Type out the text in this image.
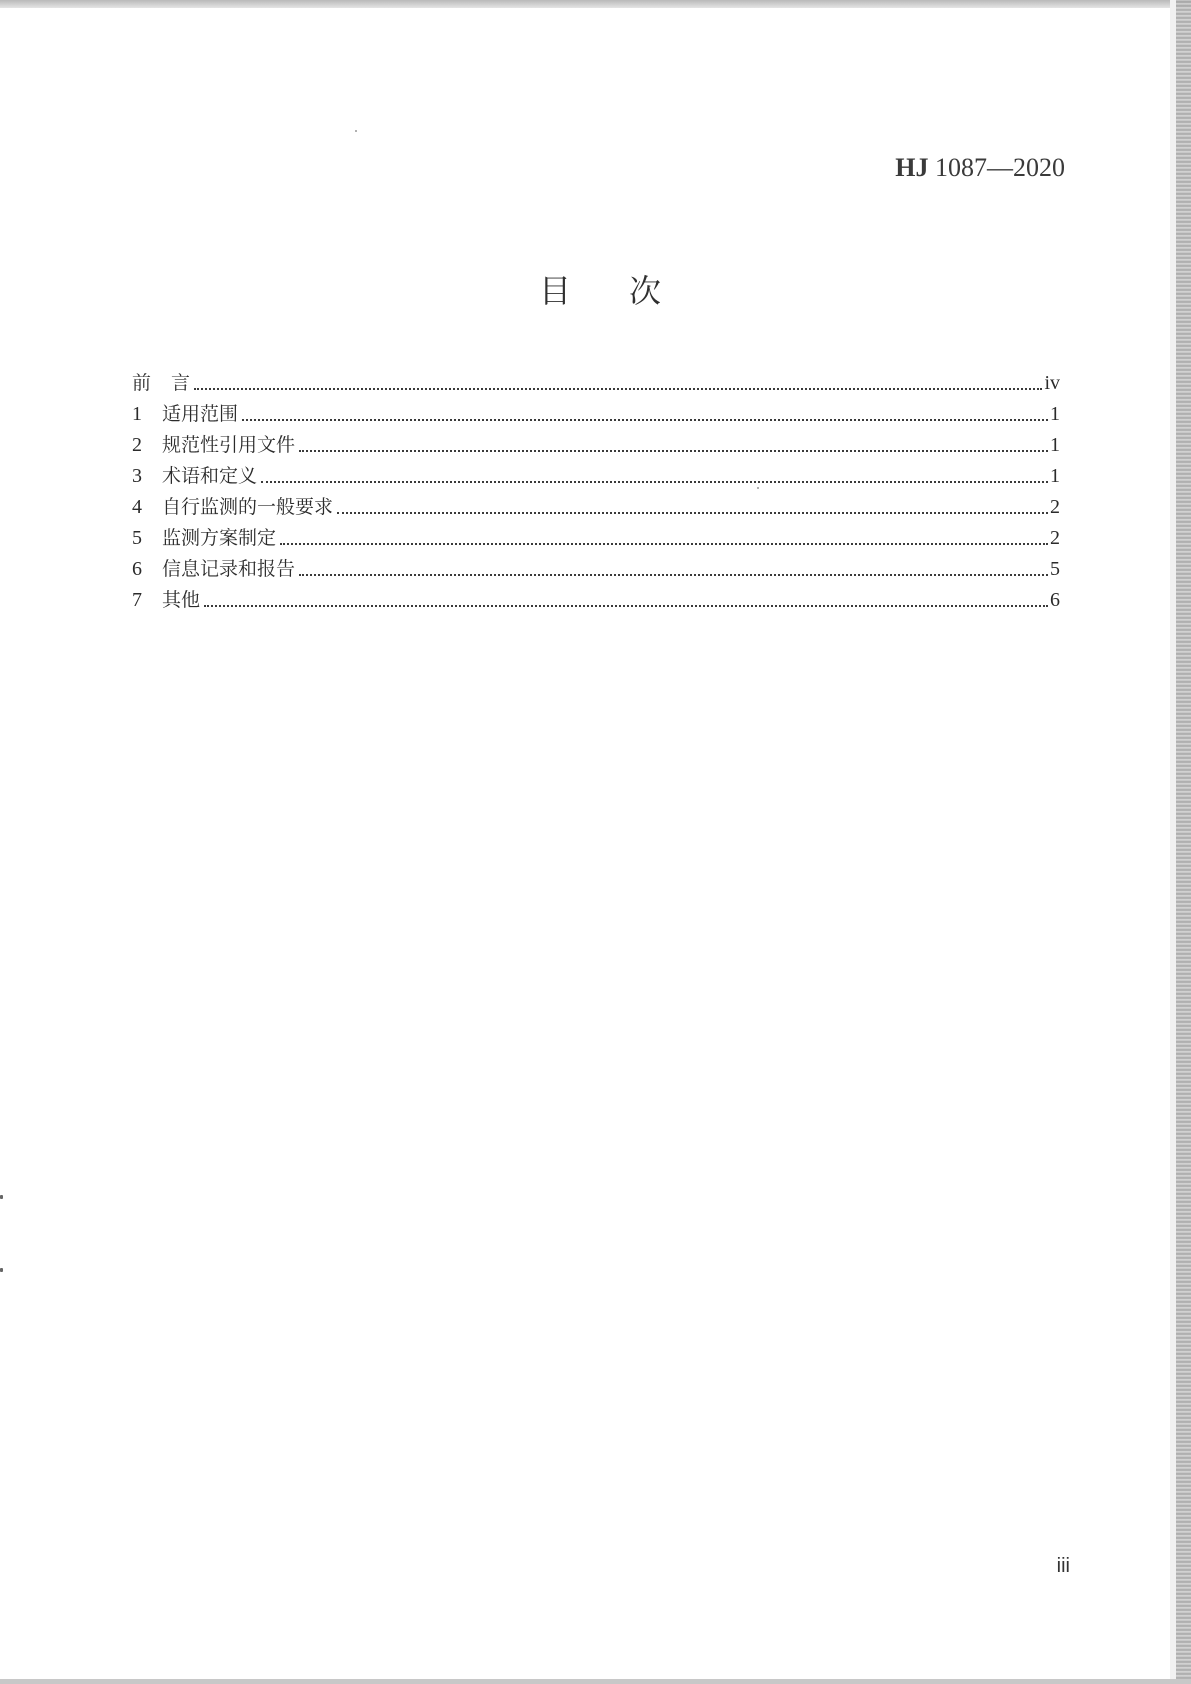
HJ 1087—2020
目次
前言	iv
1	适用范围	1
2	规范性引用文件	1
3	术语和定义	1
4	自行监测的一般要求	2
5	监测方案制定	2
6	信息记录和报告	5
7	其他	6
iii
